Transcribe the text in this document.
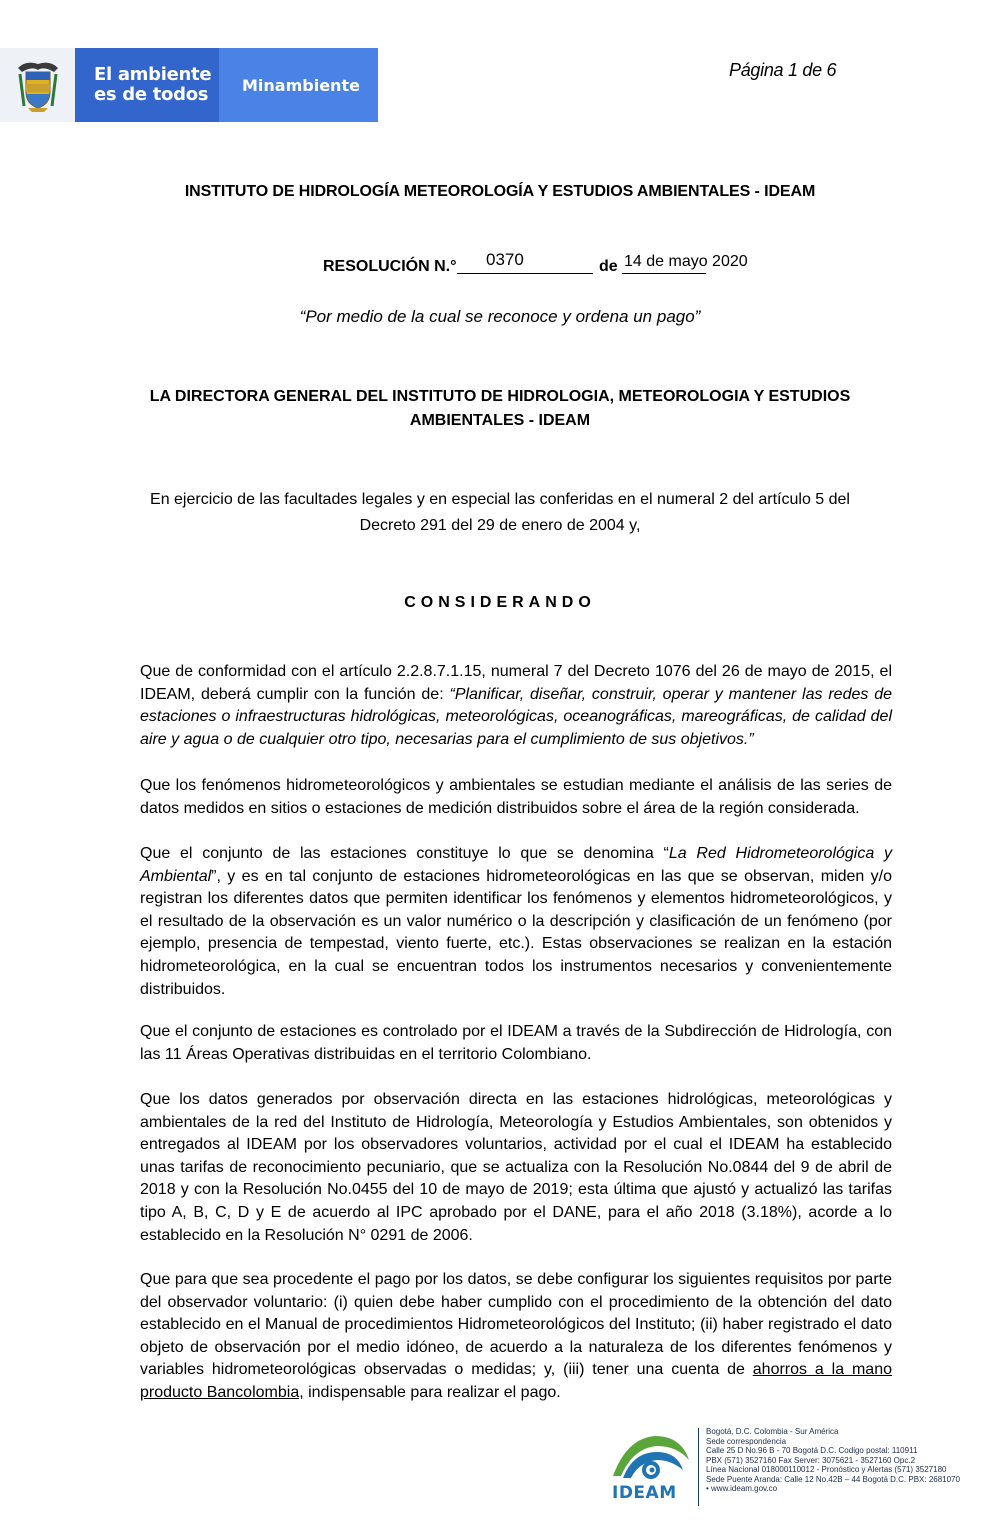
El ambiente
es de todos Minambiente
Página 1 de 6
INSTITUTO DE HIDROLOGÍA METEOROLOGÍA Y ESTUDIOS AMBIENTALES - IDEAM
RESOLUCIÓN N.° 0370	de 14 de mayo 2020
“Por medio de la cual se reconoce y ordena un pago”
LA DIRECTORA GENERAL DEL INSTITUTO DE HIDROLOGIA, METEOROLOGIA Y ESTUDIOS
AMBIENTALES - IDEAM
En ejercicio de las facultades legales y en especial las conferidas en el numeral 2 del artículo 5 del
Decreto 291 del 29 de enero de 2004 y,
CONSIDERANDO

Que de conformidad con el artículo 2.2.8.7.1.15, numeral 7 del Decreto 1076 del 26 de mayo de 2015, el IDEAM, deberá cumplir con la función de: “Planificar, diseñar, construir, operar y mantener las redes de estaciones o infraestructuras hidrológicas, meteorológicas, oceanográficas, mareográficas, de calidad del aire y agua o de cualquier otro tipo, necesarias para el cumplimiento de sus objetivos.”

Que los fenómenos hidrometeorológicos y ambientales se estudian mediante el análisis de las series de datos medidos en sitios o estaciones de medición distribuidos sobre el área de la región considerada.

Que el conjunto de las estaciones constituye lo que se denomina “La Red Hidrometeorológica y Ambiental”, y es en tal conjunto de estaciones hidrometeorológicas en las que se observan, miden y/o registran los diferentes datos que permiten identificar los fenómenos y elementos hidrometeorológicos, y el resultado de la observación es un valor numérico o la descripción y clasificación de un fenómeno (por ejemplo, presencia de tempestad, viento fuerte, etc.). Estas observaciones se realizan en la estación hidrometeorológica, en la cual se encuentran todos los instrumentos necesarios y convenientemente distribuidos.

Que el conjunto de estaciones es controlado por el IDEAM a través de la Subdirección de Hidrología, con las 11 Áreas Operativas distribuidas en el territorio Colombiano.

Que los datos generados por observación directa en las estaciones hidrológicas, meteorológicas y ambientales de la red del Instituto de Hidrología, Meteorología y Estudios Ambientales, son obtenidos y entregados al IDEAM por los observadores voluntarios, actividad por el cual el IDEAM ha establecido unas tarifas de reconocimiento pecuniario, que se actualiza con la Resolución No.0844 del 9 de abril de 2018 y con la Resolución No.0455 del 10 de mayo de 2019; esta última que ajustó y actualizó las tarifas tipo A, B, C, D y E de acuerdo al IPC aprobado por el DANE, para el año 2018 (3.18%), acorde a lo establecido en la Resolución N° 0291 de 2006.

Que para que sea procedente el pago por los datos, se debe configurar los siguientes requisitos por parte del observador voluntario: (i) quien debe haber cumplido con el procedimiento de la obtención del dato establecido en el Manual de procedimientos Hidrometeorológicos del Instituto; (ii) haber registrado el dato objeto de observación por el medio idóneo, de acuerdo a la naturaleza de los diferentes fenómenos y variables hidrometeorológicas observadas o medidas; y, (iii) tener una cuenta de ahorros a la mano producto Bancolombia, indispensable para realizar el pago.

IDEAM
Bogotá, D.C. Colombia - Sur América
Sede correspondencia
Calle 25 D No.96 B - 70 Bogotá D.C. Codigo postal: 110911
PBX (571) 3527160 Fax Server: 3075621 - 3527160 Opc.2
Línea Nacional 018000110012 - Pronóstico y Alertas (571) 3527180
Sede Puente Aranda: Calle 12 No.42B – 44 Bogotá D.C. PBX: 2681070
• www.ideam.gov.co
